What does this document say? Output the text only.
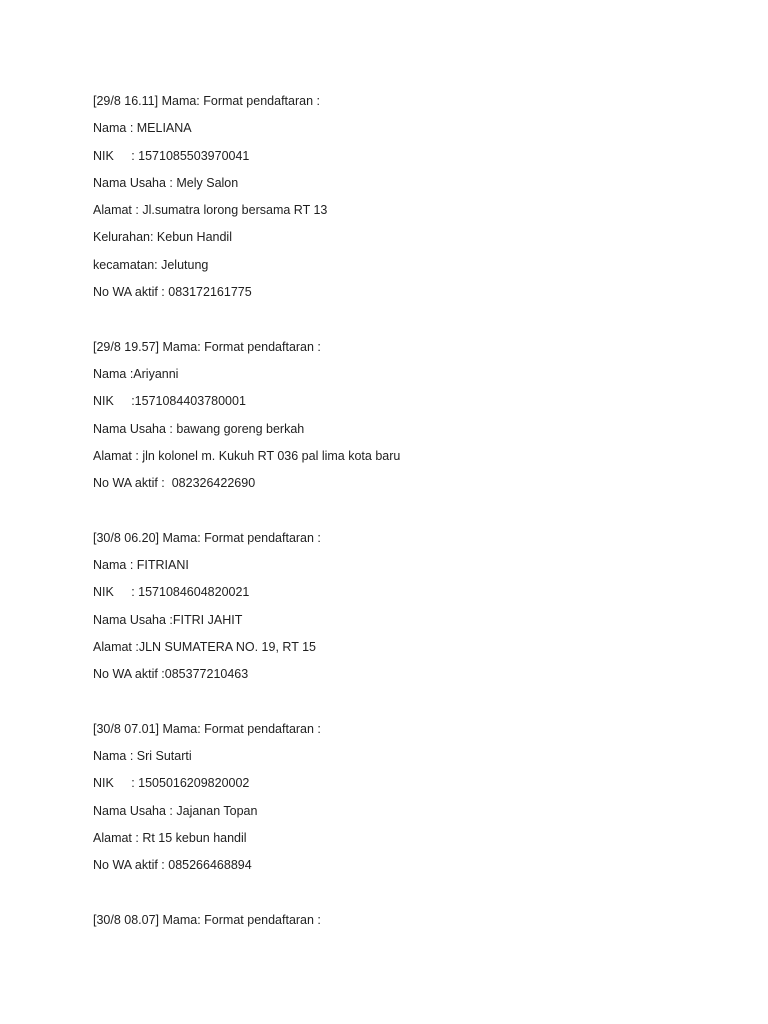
[29/8 16.11] Mama: Format pendaftaran :
Nama : MELIANA
NIK     : 1571085503970041
Nama Usaha : Mely Salon
Alamat : Jl.sumatra lorong bersama RT 13
Kelurahan: Kebun Handil
kecamatan: Jelutung
No WA aktif : 083172161775
[29/8 19.57] Mama: Format pendaftaran :
Nama :Ariyanni
NIK     :1571084403780001
Nama Usaha : bawang goreng berkah
Alamat : jln kolonel m. Kukuh RT 036 pal lima kota baru
No WA aktif :  082326422690
[30/8 06.20] Mama: Format pendaftaran :
Nama : FITRIANI
NIK     : 1571084604820021
Nama Usaha :FITRI JAHIT
Alamat :JLN SUMATERA NO. 19, RT 15
No WA aktif :085377210463
[30/8 07.01] Mama: Format pendaftaran :
Nama : Sri Sutarti
NIK     : 1505016209820002
Nama Usaha : Jajanan Topan
Alamat : Rt 15 kebun handil
No WA aktif : 085266468894
[30/8 08.07] Mama: Format pendaftaran :
